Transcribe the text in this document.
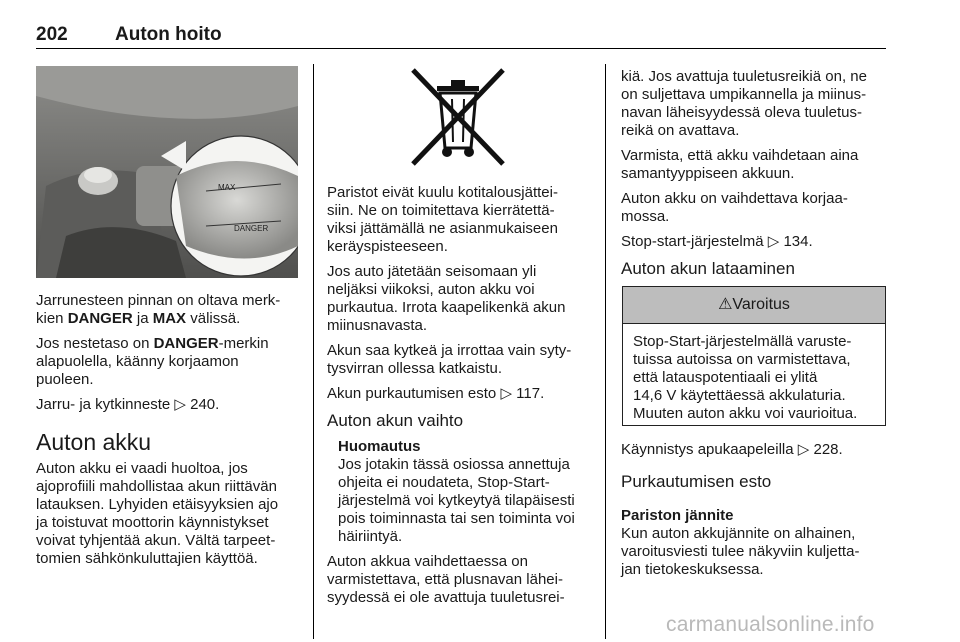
202 Auton hoito
MAX
DANGER

Jarrunesteen pinnan on oltava merk-
kien DANGER ja MAX välissä.

Jos nestetaso on DANGER-merkin
alapuolella, käänny korjaamon
puoleen.

Jarru- ja kytkinneste ▷ 240.

Auton akku

Auton akku ei vaadi huoltoa, jos
ajoprofiili mahdollistaa akun riittävän
latauksen. Lyhyiden etäisyyksien ajo
ja toistuvat moottorin käynnistykset
voivat tyhjentää akun. Vältä tarpeet-
tomien sähkönkuluttajien käyttöä.

Paristot eivät kuulu kotitalousjättei-
siin. Ne on toimitettava kierrätettä-
viksi jättämällä ne asianmukaiseen
keräyspisteeseen.

Jos auto jätetään seisomaan yli
neljäksi viikoksi, auton akku voi
purkautua. Irrota kaapelikenkä akun
miinusnavasta.

Akun saa kytkeä ja irrottaa vain syty-
tysvirran ollessa katkaistu.

Akun purkautumisen esto ▷ 117.

Auton akun vaihto
Huomautus
Jos jotakin tässä osiossa annettuja
ohjeita ei noudateta, Stop-Start-
järjestelmä voi kytkeytyä tilapäisesti
pois toiminnasta tai sen toiminta voi
häiriintyä.

Auton akkua vaihdettaessa on
varmistettava, että plusnavan lähei-
syydessä ei ole avattuja tuuletusrei-

kiä. Jos avattuja tuuletusreikiä on, ne
on suljettava umpikannella ja miinus-
navan läheisyydessä oleva tuuletus-
reikä on avattava.

Varmista, että akku vaihdetaan aina
samantyyppiseen akkuun.

Auton akku on vaihdettava korjaa-
mossa.

Stop-start-järjestelmä ▷ 134.

Auton akun lataaminen
⚠Varoitus
Stop-Start-järjestelmällä varuste-
tuissa autoissa on varmistettava,
että latauspotentiaali ei ylitä
14,6 V käytettäessä akkulaturia.
Muuten auton akku voi vaurioitua.

Käynnistys apukaapeleilla ▷ 228.

Purkautumisen esto
Pariston jännite

Kun auton akkujännite on alhainen,
varoitusviesti tulee näkyviin kuljetta-
jan tietokeskuksessa.

carmanualsonline.info
